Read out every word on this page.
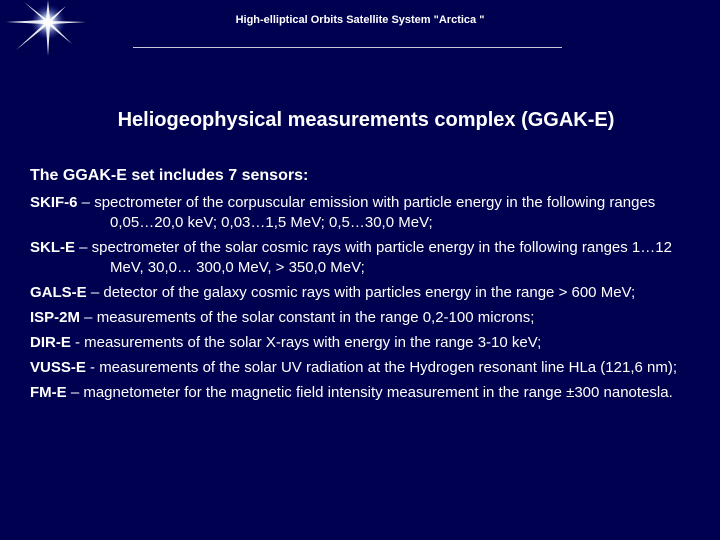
High-elliptical Orbits Satellite System "Arctica "
Heliogeophysical measurements complex (GGAK-E)
The GGAK-E set includes 7 sensors:
SKIF-6 – spectrometer of the corpuscular emission with particle energy in the following ranges 0,05…20,0 keV; 0,03…1,5 MeV; 0,5…30,0 MeV;
SKL-E – spectrometer of the solar cosmic rays with particle energy in the following ranges 1…12 MeV, 30,0… 300,0 MeV, > 350,0 MeV;
GALS-E – detector of the galaxy cosmic rays with particles energy in the range > 600 MeV;
ISP-2M – measurements of the solar constant in the range 0,2-100 microns;
DIR-E - measurements of the solar X-rays with energy in the range 3-10 keV;
VUSS-E - measurements of the solar UV radiation at the Hydrogen resonant line HLa (121,6 nm);
FM-E – magnetometer for the magnetic field intensity measurement in the range ±300 nanotesla.
